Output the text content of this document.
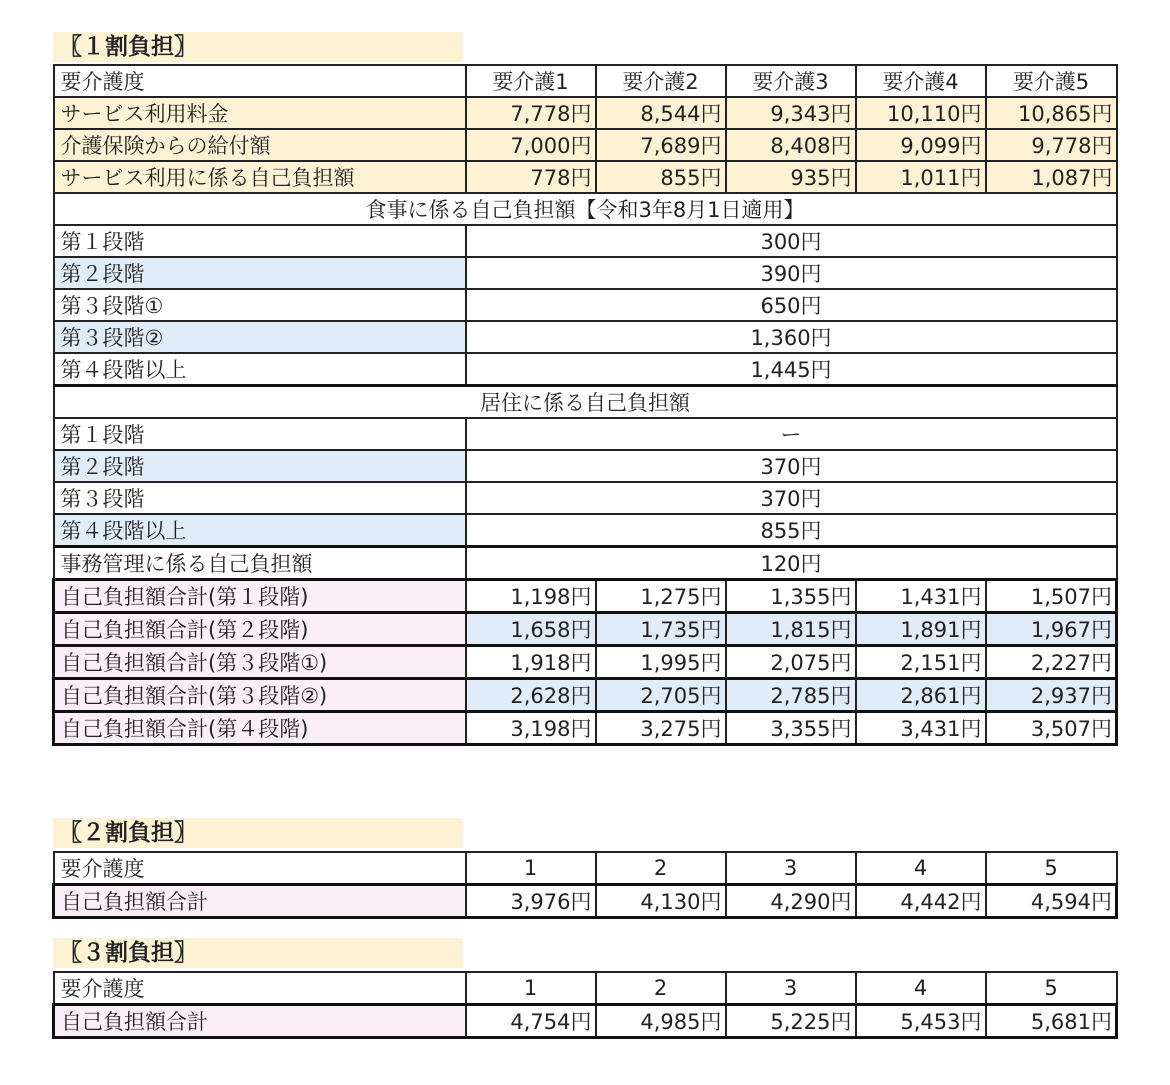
〖１割負担〗
要介護度	要介護1	要介護2	要介護3	要介護4	要介護5
サービス利用料金	7,778円	8,544円	9,343円	10,110円	10,865円
介護保険からの給付額	7,000円	7,689円	8,408円	9,099円	9,778円
サービス利用に係る自己負担額	778円	855円	935円	1,011円	1,087円
食事に係る自己負担額【令和3年8月1日適用】					
第１段階	300円				
第２段階	390円				
第３段階①	650円				
第３段階②	1,360円				
第４段階以上	1,445円				
居住に係る自己負担額					
第１段階	ー				
第２段階	370円				
第３段階	370円				
第４段階以上	855円				
事務管理に係る自己負担額	120円				
自己負担額合計(第１段階)	1,198円	1,275円	1,355円	1,431円	1,507円
自己負担額合計(第２段階)	1,658円	1,735円	1,815円	1,891円	1,967円
自己負担額合計(第３段階①)	1,918円	1,995円	2,075円	2,151円	2,227円
自己負担額合計(第３段階②)	2,628円	2,705円	2,785円	2,861円	2,937円
自己負担額合計(第４段階)	3,198円	3,275円	3,355円	3,431円	3,507円
〖２割負担〗
要介護度	1	2	3	4	5
自己負担額合計	3,976円	4,130円	4,290円	4,442円	4,594円
〖３割負担〗
要介護度	1	2	3	4	5
自己負担額合計	4,754円	4,985円	5,225円	5,453円	5,681円
